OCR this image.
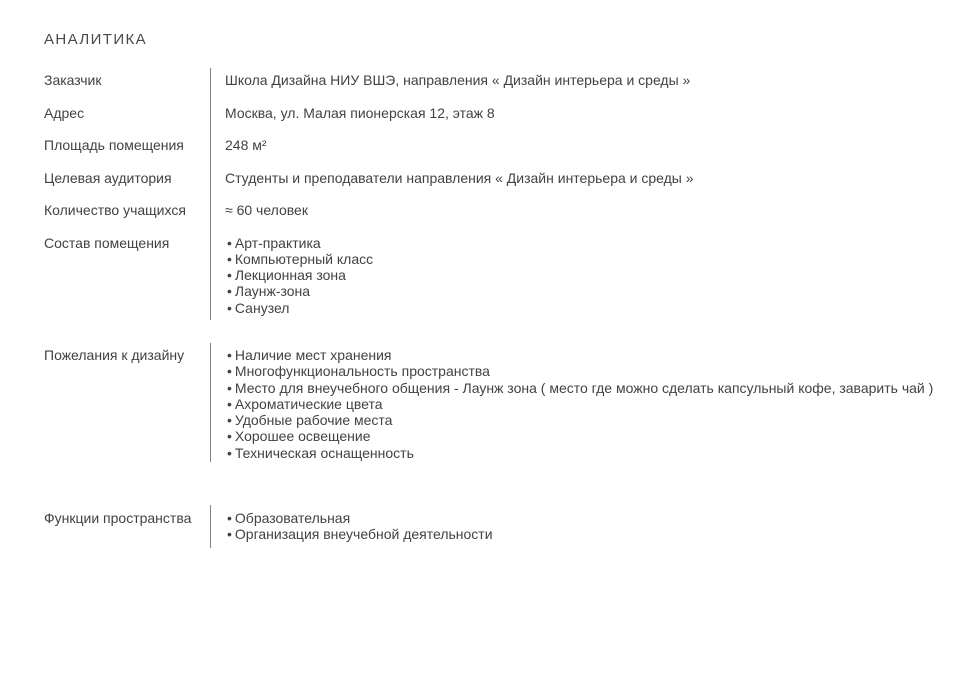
АНАЛИТИКА
Заказчик	Школа Дизайна НИУ ВШЭ, направления « Дизайн интерьера и среды »
Адрес	Москва, ул. Малая пионерская 12, этаж 8
Площадь помещения	248 м²
Целевая аудитория	Студенты и преподаватели направления « Дизайн интерьера и среды »
Количество учащихся	≈ 60 человек
Состав помещения	• Арт-практика
• Компьютерный класс
• Лекционная зона
• Лаунж-зона
• Санузел
Пожелания к дизайну	• Наличие мест хранения
• Многофункциональность пространства
• Место для внеучебного общения - Лаунж зона ( место где можно сделать капсульный кофе, заварить чай )
• Ахроматические цвета
• Удобные рабочие места
• Хорошее освещение
• Техническая оснащенность
Функции пространства	• Образовательная
• Организация внеучебной деятельности
